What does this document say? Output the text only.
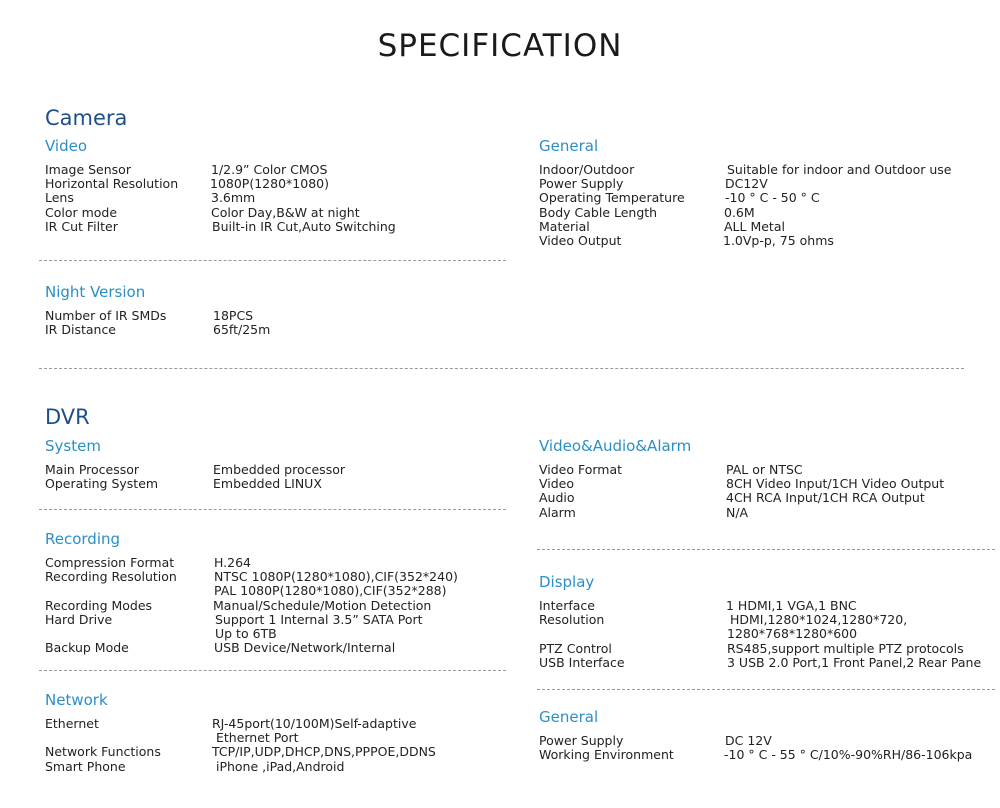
SPECIFICATION
Camera
Video
Image Sensor	1/2.9” Color CMOS
Horizontal Resolution	1080P(1280*1080)
Lens	3.6mm
Color mode	Color Day,B&W at night
IR Cut Filter	Built-in IR Cut,Auto Switching
General
Indoor/Outdoor	Suitable for indoor and Outdoor use
Power Supply	DC12V
Operating Temperature	-10 ° C - 50 ° C
Body Cable Length	0.6M
Material	ALL Metal
Video Output	1.0Vp-p, 75 ohms
Night Version
Number of IR SMDs	18PCS
IR Distance	65ft/25m
DVR
System
Main Processor	Embedded processor
Operating System	Embedded LINUX
Recording
Compression Format	H.264
Recording Resolution	NTSC 1080P(1280*1080),CIF(352*240)
PAL 1080P(1280*1080),CIF(352*288)
Recording Modes	Manual/Schedule/Motion Detection
Hard Drive	Support 1 Internal 3.5” SATA Port
Up to 6TB
Backup Mode	USB Device/Network/Internal
Network
Ethernet	RJ-45port(10/100M)Self-adaptive
Ethernet Port
Network Functions	TCP/IP,UDP,DHCP,DNS,PPPOE,DDNS
Smart Phone	iPhone ,iPad,Android
Video&Audio&Alarm
Video Format	PAL or NTSC
Video	8CH Video Input/1CH Video Output
Audio	4CH RCA Input/1CH RCA Output
Alarm	N/A
Display
Interface	1 HDMI,1 VGA,1 BNC
Resolution	HDMI,1280*1024,1280*720,
1280*768*1280*600
PTZ Control	RS485,support multiple PTZ protocols
USB Interface	3 USB 2.0 Port,1 Front Panel,2 Rear Pane
General
Power Supply	DC 12V
Working Environment	-10 ° C - 55 ° C/10%-90%RH/86-106kpa
